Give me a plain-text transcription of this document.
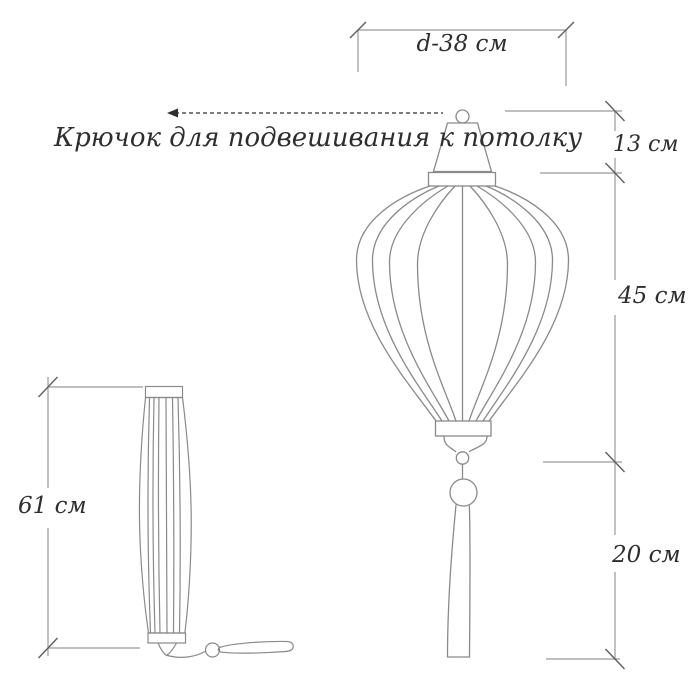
d-38 см
Крючок для подвешивания к потолку 13 см
45 см
20 см
61 см
